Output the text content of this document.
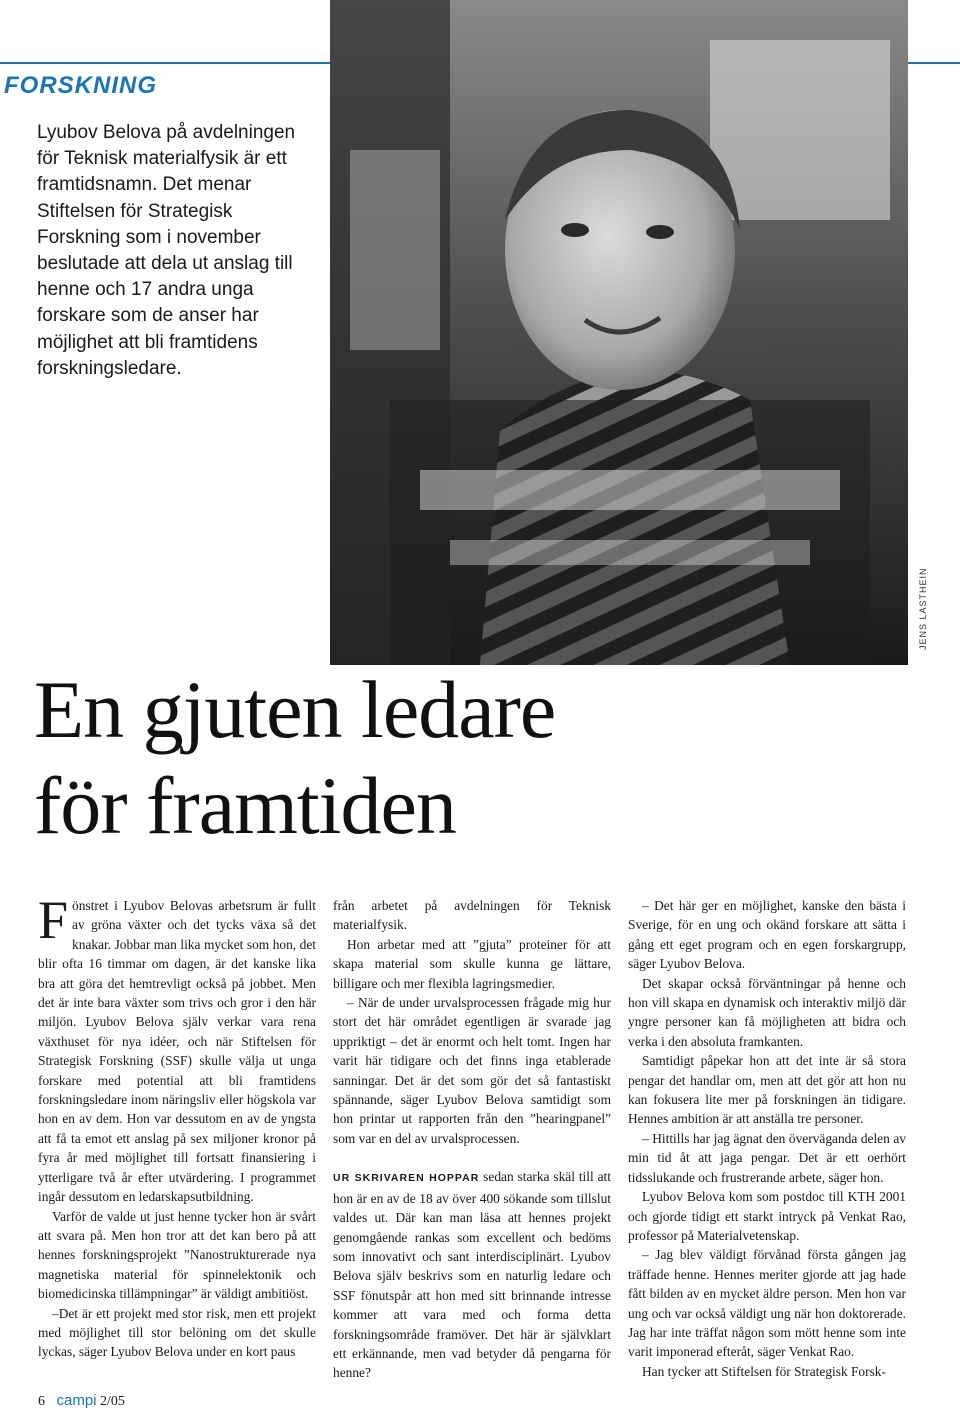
FORSKNING
JENS LASTHEIN
Lyubov Belova på avdelningen för Teknisk materialfysik är ett framtidsnamn. Det menar Stiftelsen för Strategisk Forskning som i november beslutade att dela ut anslag till henne och 17 andra unga forskare som de anser har möjlighet att bli framtidens forskningsledare.
En gjuten ledare
för framtiden

Fönstret i Lyubov Belovas arbetsrum är fullt av gröna växter och det tycks växa så det knakar. Jobbar man lika mycket som hon, det blir ofta 16 timmar om dagen, är det kanske lika bra att göra det hemtrevligt också på jobbet. Men det är inte bara växter som trivs och gror i den här miljön. Lyubov Belova själv verkar vara rena växthuset för nya idéer, och när Stiftelsen för Strategisk Forskning (SSF) skulle välja ut unga forskare med potential att bli framtidens forskningsledare inom näringsliv eller högskola var hon en av dem. Hon var dessutom en av de yngsta att få ta emot ett anslag på sex miljoner kronor på fyra år med möjlighet till fortsatt finansiering i ytterligare två år efter utvärdering. I programmet ingår dessutom en ledarskapsutbildning.

Varför de valde ut just henne tycker hon är svårt att svara på. Men hon tror att det kan bero på att hennes forskningsprojekt ”Nanostrukturerade nya magnetiska material för spinnelektonik och biomedicinska tillämpningar” är väldigt ambitiöst.

–Det är ett projekt med stor risk, men ett projekt med möjlighet till stor belöning om det skulle lyckas, säger Lyubov Belova under en kort paus

från arbetet på avdelningen för Teknisk materialfysik.

Hon arbetar med att ”gjuta” proteiner för att skapa material som skulle kunna ge lättare, billigare och mer flexibla lagringsmedier.

– När de under urvalsprocessen frågade mig hur stort det här området egentligen är svarade jag uppriktigt – det är enormt och helt tomt. Ingen har varit här tidigare och det finns inga etablerade sanningar. Det är det som gör det så fantastiskt spännande, säger Lyubov Belova samtidigt som hon printar ut rapporten från den ”hearingpanel” som var en del av urvalsprocessen.

UR SKRIVAREN HOPPAR sedan starka skäl till att hon är en av de 18 av över 400 sökande som tillslut valdes ut. Där kan man läsa att hennes projekt genomgående rankas som excellent och bedöms som innovativt och sant interdisciplinärt. Lyubov Belova själv beskrivs som en naturlig ledare och SSF fönutspår att hon med sitt brinnande intresse kommer att vara med och forma detta forskningsområde framöver. Det här är självklart ett erkännande, men vad betyder då pengarna för henne?

– Det här ger en möjlighet, kanske den bästa i Sverige, för en ung och okänd forskare att sätta i gång ett eget program och en egen forskargrupp, säger Lyubov Belova.

Det skapar också förväntningar på henne och hon vill skapa en dynamisk och interaktiv miljö där yngre personer kan få möjligheten att bidra och verka i den absoluta framkanten.

Samtidigt påpekar hon att det inte är så stora pengar det handlar om, men att det gör att hon nu kan fokusera lite mer på forskningen än tidigare. Hennes ambition är att anställa tre personer.

– Hittills har jag ägnat den överväganda delen av min tid åt att jaga pengar. Det är ett oerhört tidsslukande och frustrerande arbete, säger hon.

Lyubov Belova kom som postdoc till KTH 2001 och gjorde tidigt ett starkt intryck på Venkat Rao, professor på Materialvetenskap.

– Jag blev väldigt förvånad första gången jag träffade henne. Hennes meriter gjorde att jag hade fått bilden av en mycket äldre person. Men hon var ung och var också väldigt ung när hon doktorerade. Jag har inte träffat någon som mött henne som inte varit imponerad efteråt, säger Venkat Rao.

Han tycker att Stiftelsen för Strategisk Forsk-

6 campi 2/05
